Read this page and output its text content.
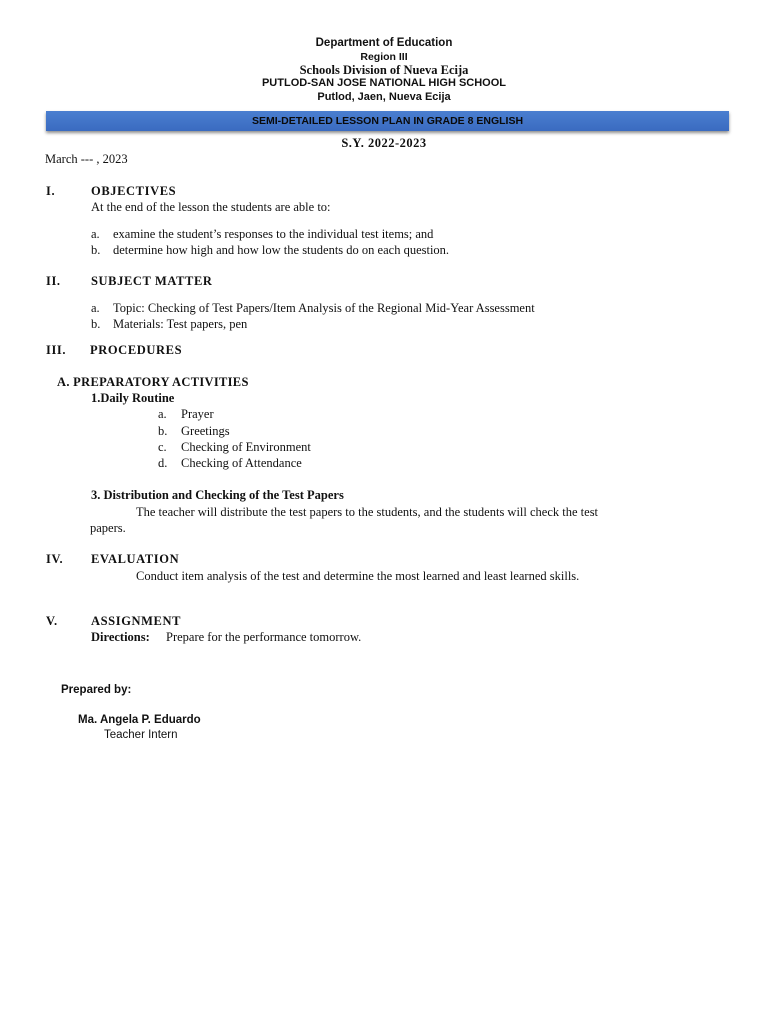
Department of Education
Region III
Schools Division of Nueva Ecija
PUTLOD-SAN JOSE NATIONAL HIGH SCHOOL
Putlod, Jaen, Nueva Ecija
SEMI-DETAILED LESSON PLAN IN GRADE 8 ENGLISH
S.Y. 2022-2023
March --- , 2023
I.	OBJECTIVES
At the end of the lesson the students are able to:
a. examine the student’s responses to the individual test items; and
b. determine how high and how low the students do on each question.
II. SUBJECT MATTER
a. Topic: Checking of Test Papers/Item Analysis of the Regional Mid-Year Assessment
b. Materials: Test papers, pen
III. PROCEDURES
A. PREPARATORY ACTIVITIES
1.Daily Routine
a. Prayer
b. Greetings
c. Checking of Environment
d. Checking of Attendance
3. Distribution and Checking of the Test Papers
The teacher will distribute the test papers to the students, and the students will check the test
papers.
IV. EVALUATION
Conduct item analysis of the test and determine the most learned and least learned skills.
V.	ASSIGNMENT
Directions: Prepare for the performance tomorrow.
Prepared by:
Ma. Angela P. Eduardo
Teacher Intern
